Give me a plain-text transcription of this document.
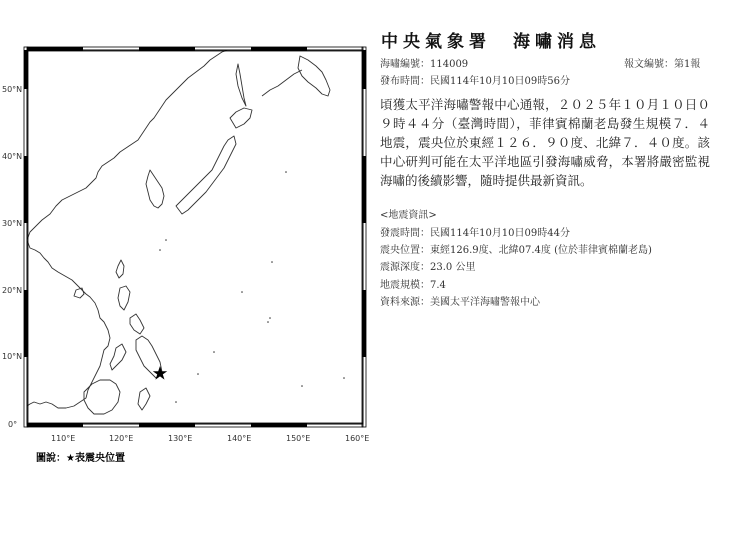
0°
10°N
20°N
30°N
40°N
50°N
110°E	120°E	130°E	140°E	150°E	160°E
圖說：★表震央位置
中央氣象署　海嘯消息
海嘯編號：114009	報文編號：第1報
發布時間：民國114年10月10日09時56分
頃獲太平洋海嘯警報中心通報，２０２５年１０月１０日０９時４４分（臺灣時間），菲律賓棉蘭老島發生規模７．４地震，震央位於東經１２６．９０度、北緯７．４０度。該中心研判可能在太平洋地區引發海嘯威脅，本署將嚴密監視海嘯的後續影響，隨時提供最新資訊。
<地震資訊>
發震時間：民國114年10月10日09時44分
震央位置：東經126.9度、北緯07.4度 (位於菲律賓棉蘭老島)
震源深度：23.0 公里
地震規模：7.4
資料來源：美國太平洋海嘯警報中心
